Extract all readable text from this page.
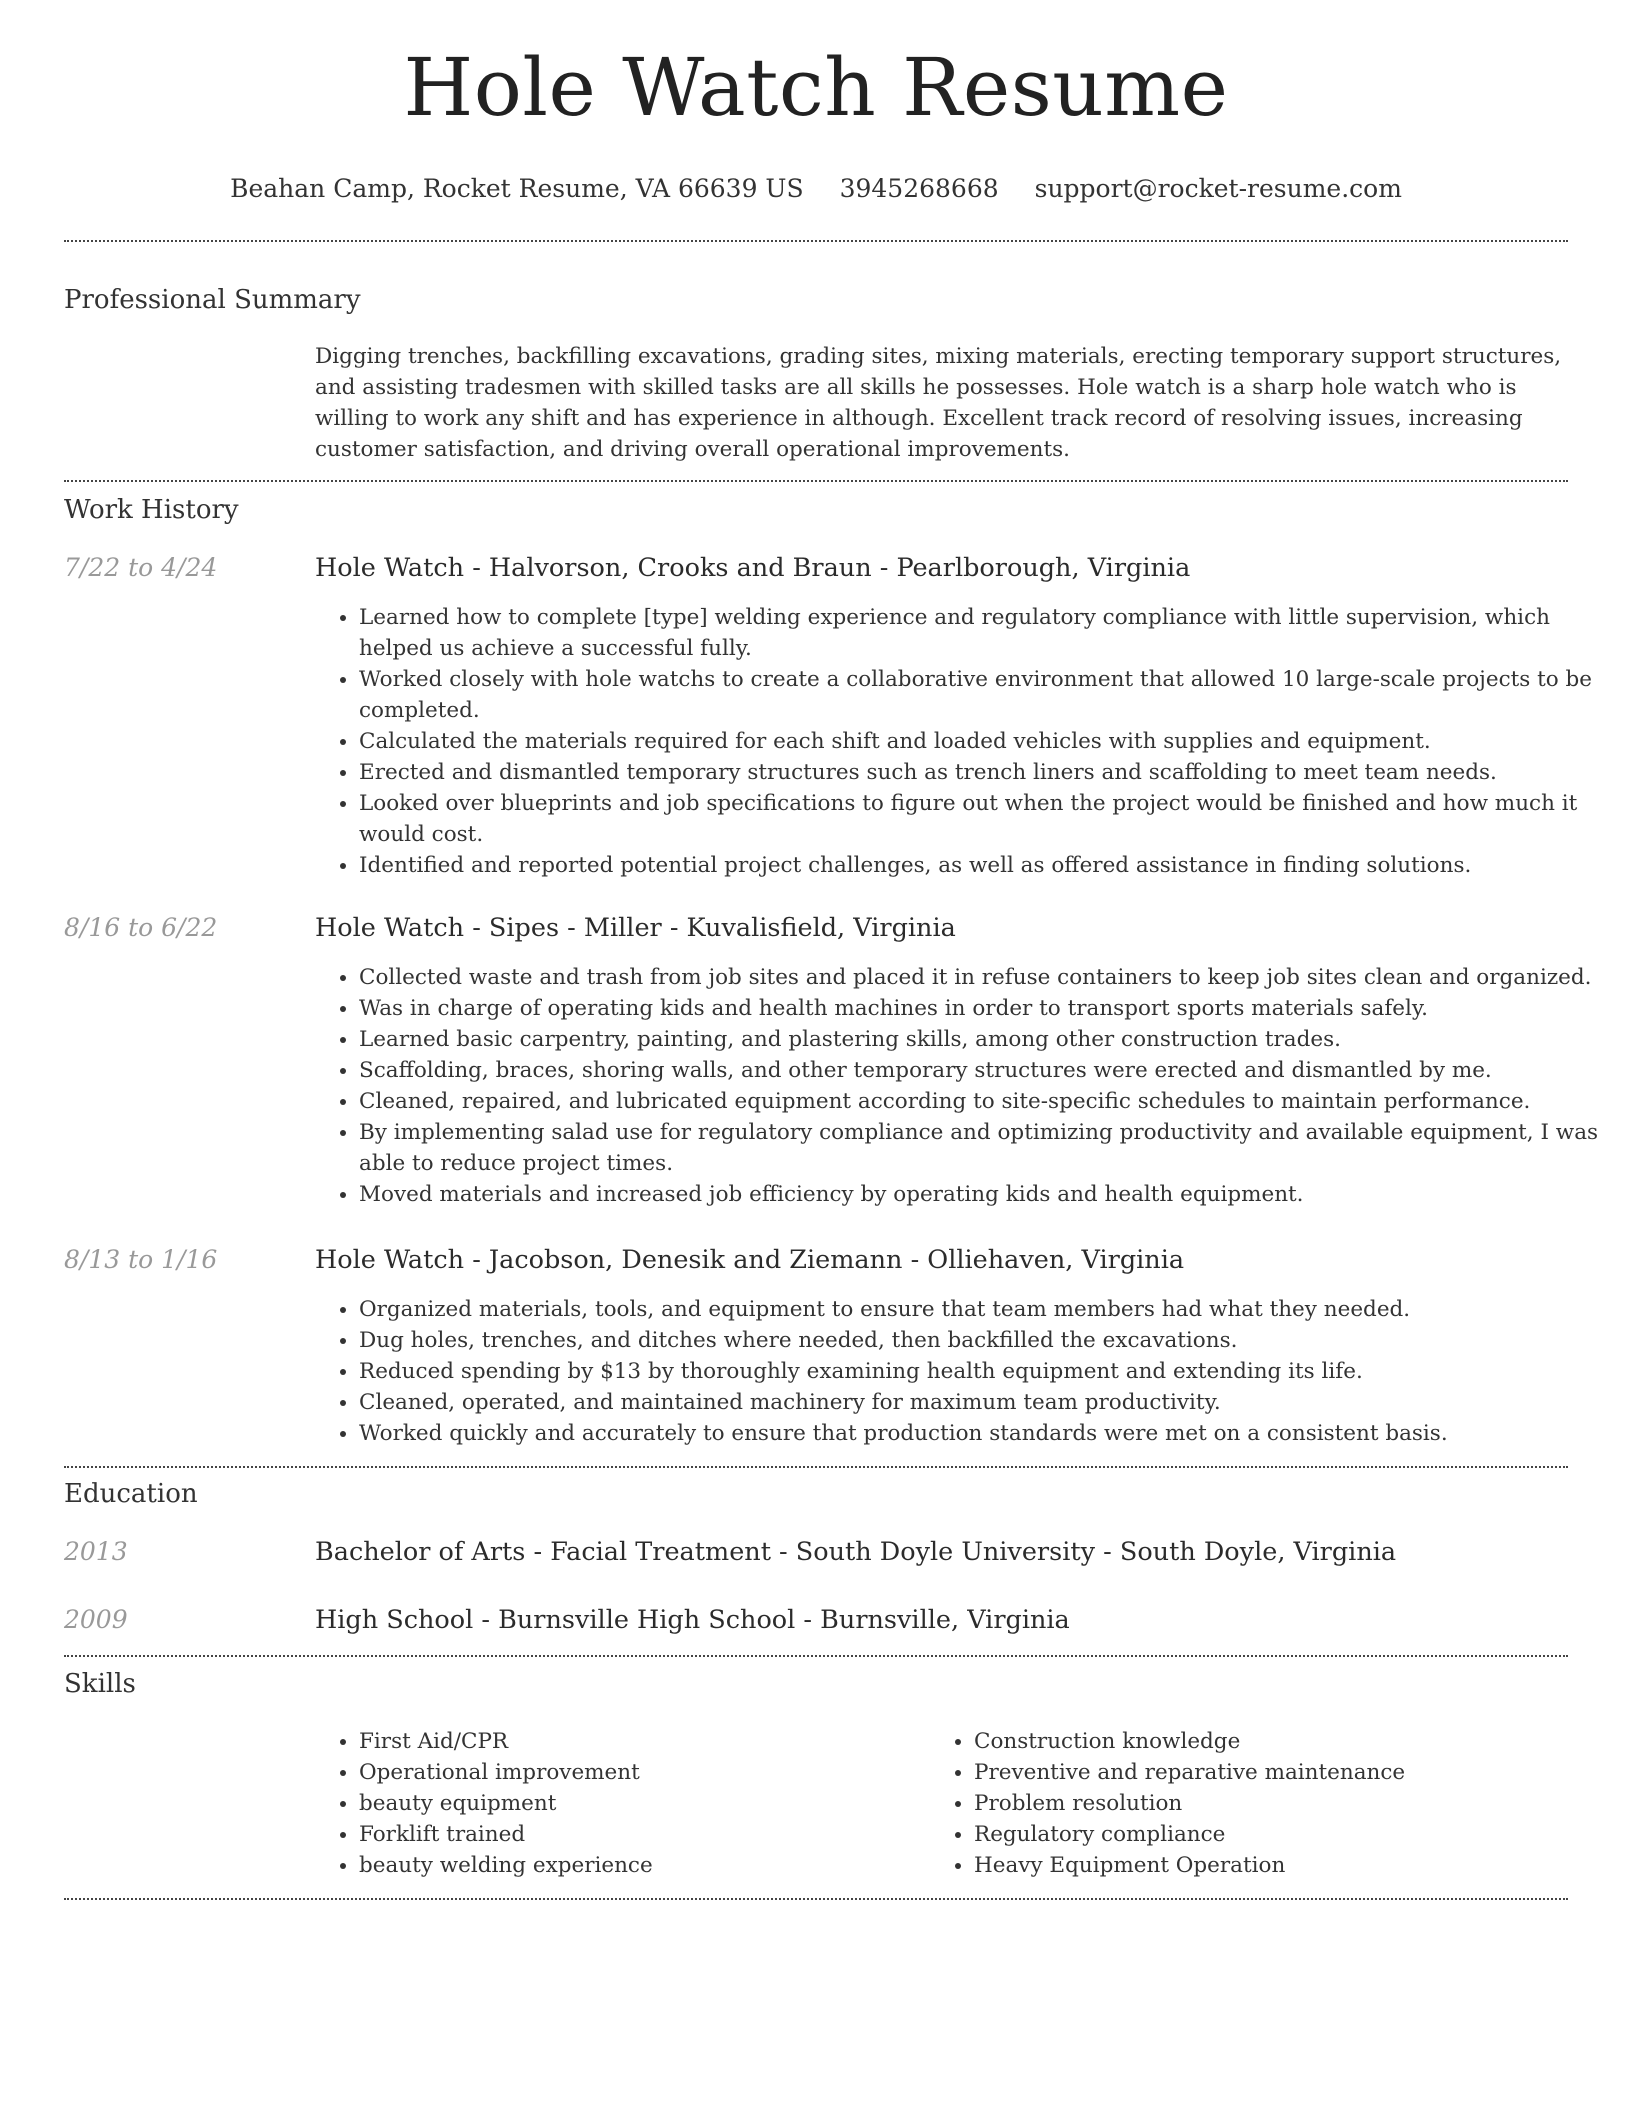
Hole Watch Resume
Beahan Camp, Rocket Resume, VA 66639 US 3945268668 support@rocket-resume.com
Professional Summary
Digging trenches, backfilling excavations, grading sites, mixing materials, erecting temporary support structures, and assisting tradesmen with skilled tasks are all skills he possesses. Hole watch is a sharp hole watch who is willing to work any shift and has experience in although. Excellent track record of resolving issues, increasing customer satisfaction, and driving overall operational improvements.
Work History
7/22 to 4/24	Hole Watch - Halvorson, Crooks and Braun - Pearlborough, Virginia
• Learned how to complete [type] welding experience and regulatory compliance with little supervision, which helped us achieve a successful fully.
• Worked closely with hole watchs to create a collaborative environment that allowed 10 large-scale projects to be completed.
• Calculated the materials required for each shift and loaded vehicles with supplies and equipment.
• Erected and dismantled temporary structures such as trench liners and scaffolding to meet team needs.
• Looked over blueprints and job specifications to figure out when the project would be finished and how much it would cost.
• Identified and reported potential project challenges, as well as offered assistance in finding solutions.
8/16 to 6/22	Hole Watch - Sipes - Miller - Kuvalisfield, Virginia
• Collected waste and trash from job sites and placed it in refuse containers to keep job sites clean and organized.
• Was in charge of operating kids and health machines in order to transport sports materials safely.
• Learned basic carpentry, painting, and plastering skills, among other construction trades.
• Scaffolding, braces, shoring walls, and other temporary structures were erected and dismantled by me.
• Cleaned, repaired, and lubricated equipment according to site-specific schedules to maintain performance.
• By implementing salad use for regulatory compliance and optimizing productivity and available equipment, I was able to reduce project times.
• Moved materials and increased job efficiency by operating kids and health equipment.
8/13 to 1/16	Hole Watch - Jacobson, Denesik and Ziemann - Olliehaven, Virginia
• Organized materials, tools, and equipment to ensure that team members had what they needed.
• Dug holes, trenches, and ditches where needed, then backfilled the excavations.
• Reduced spending by $13 by thoroughly examining health equipment and extending its life.
• Cleaned, operated, and maintained machinery for maximum team productivity.
• Worked quickly and accurately to ensure that production standards were met on a consistent basis.
Education
2013	Bachelor of Arts - Facial Treatment - South Doyle University - South Doyle, Virginia
2009	High School - Burnsville High School - Burnsville, Virginia
Skills
• First Aid/CPR
• Operational improvement
• beauty equipment
• Forklift trained
• beauty welding experience
• Construction knowledge
• Preventive and reparative maintenance
• Problem resolution
• Regulatory compliance
• Heavy Equipment Operation
